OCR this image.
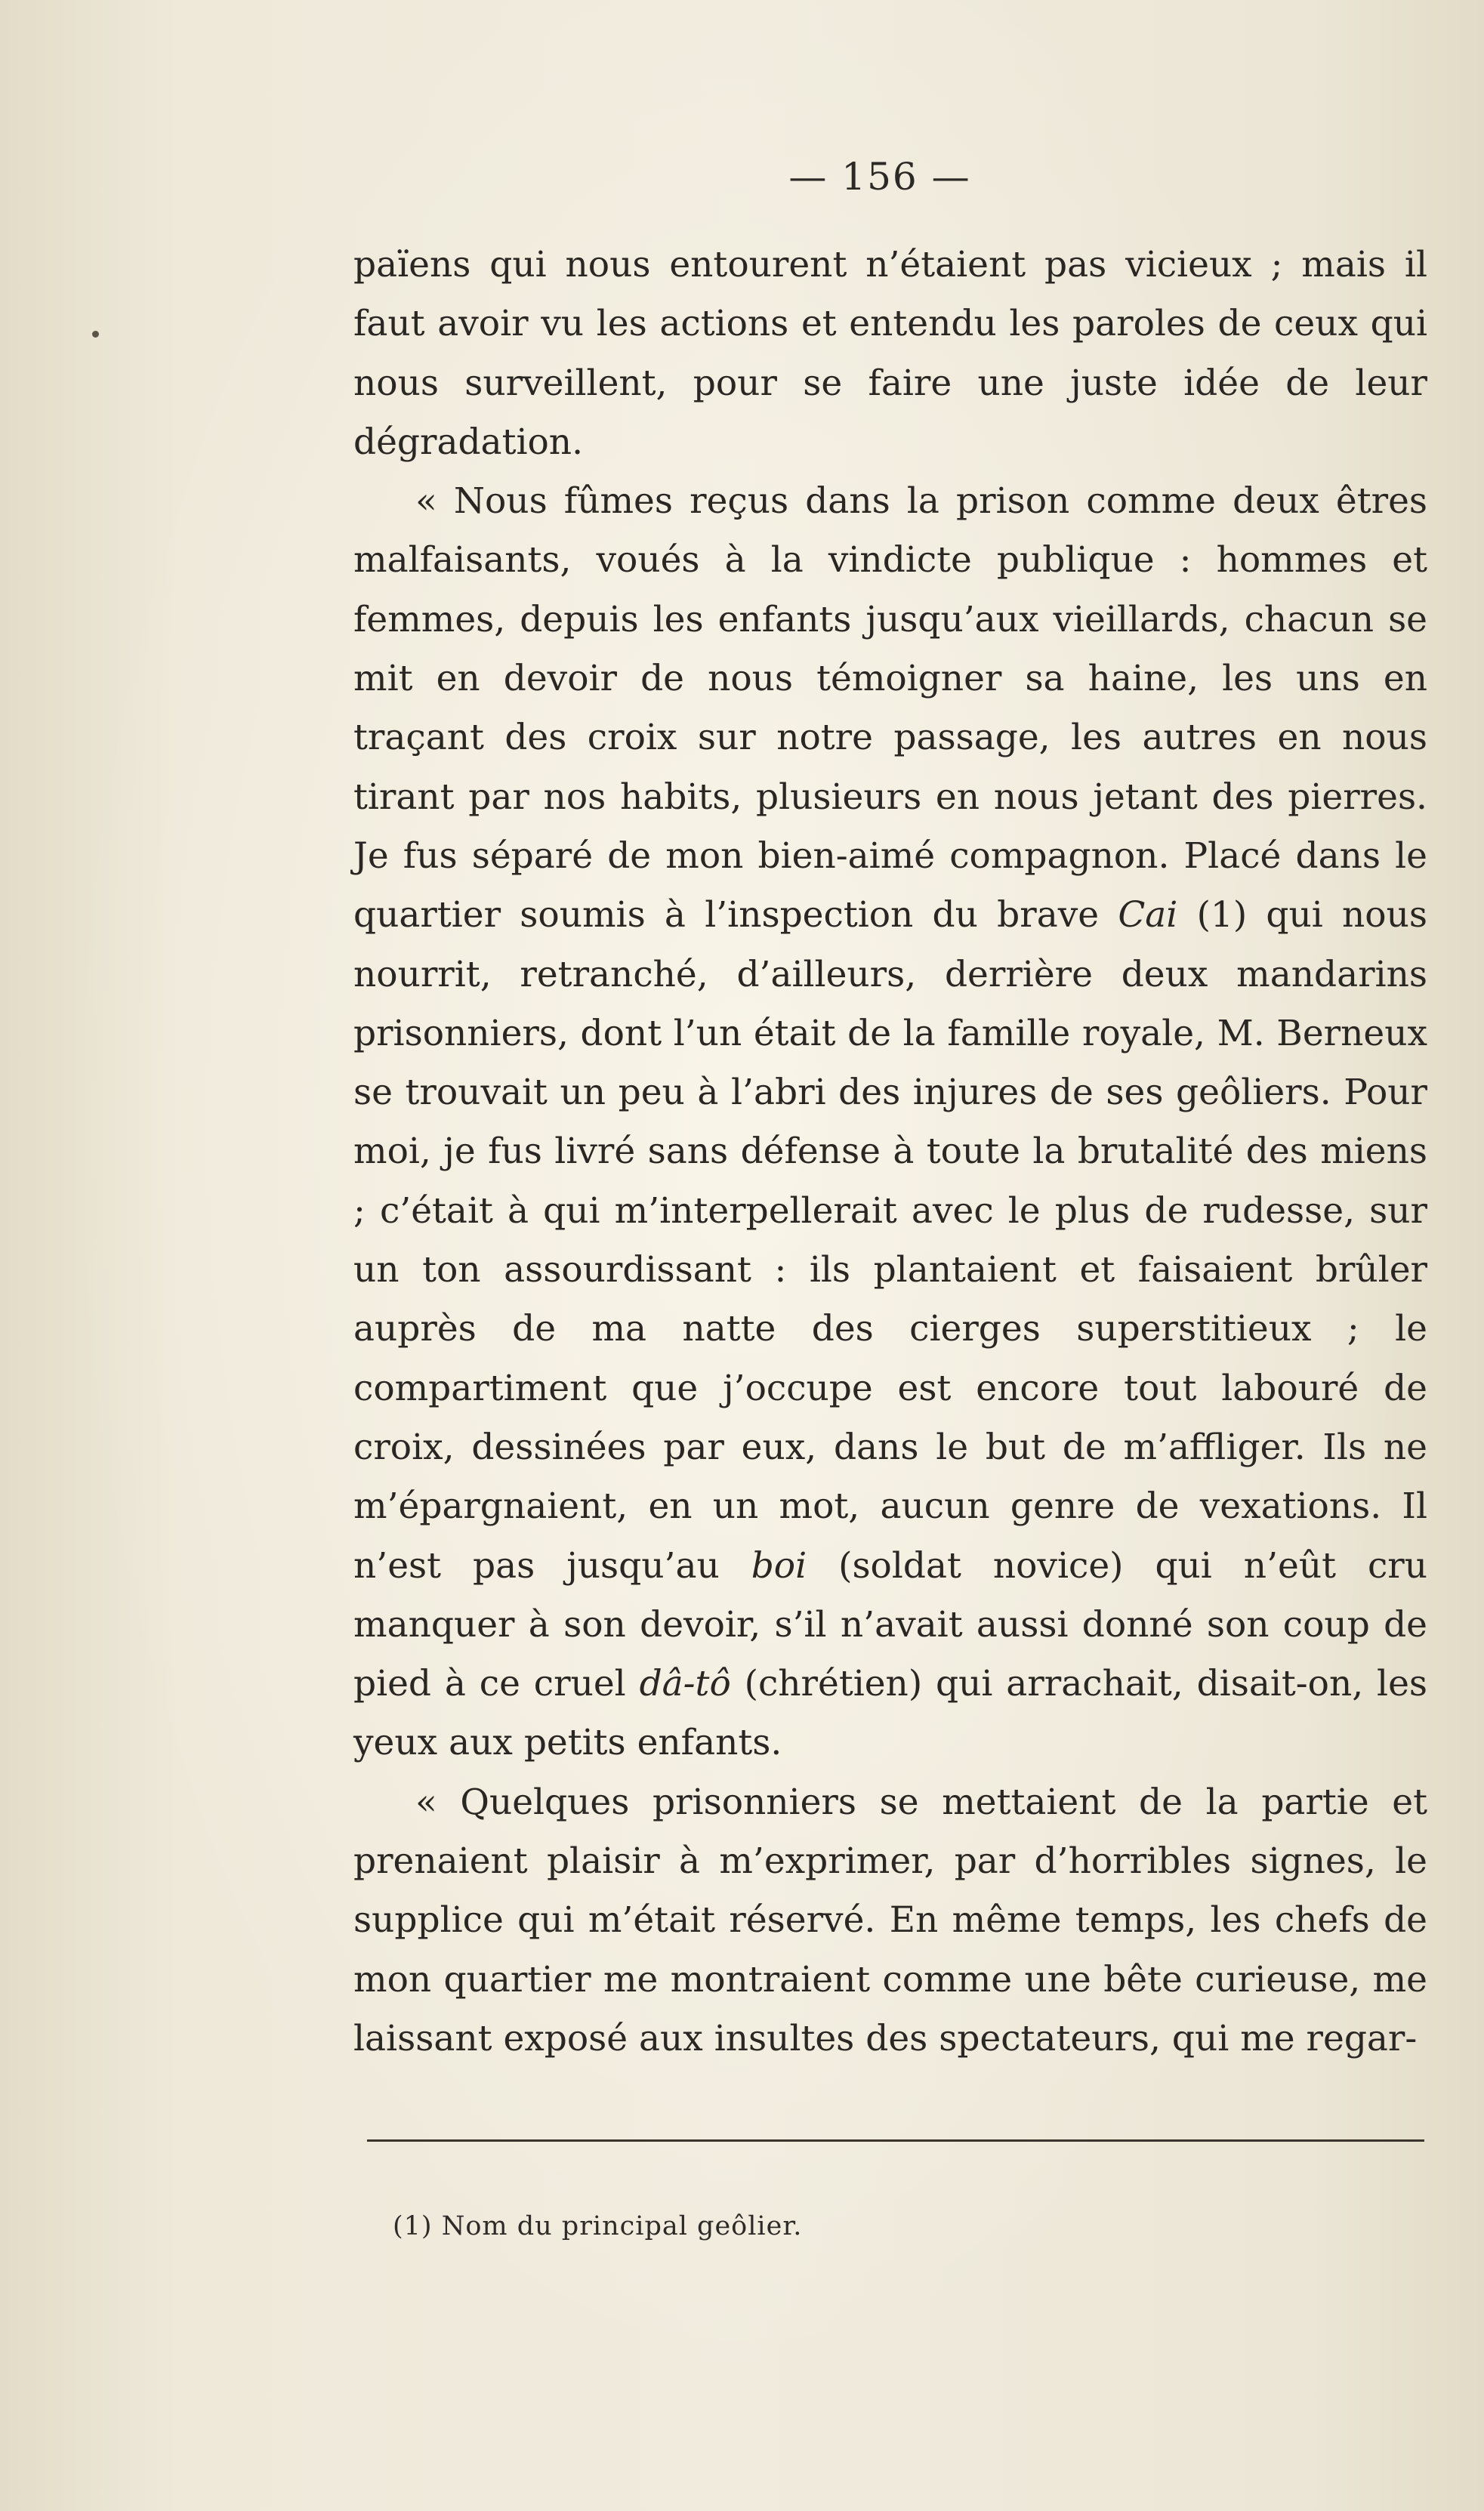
— 156 —

païens qui nous entourent n’étaient pas vicieux ; mais il faut avoir vu les actions et entendu les paroles de ceux qui nous surveillent, pour se faire une juste idée de leur dégradation.

« Nous fûmes reçus dans la prison comme deux êtres malfaisants, voués à la vindicte publique : hommes et femmes, depuis les enfants jusqu’aux vieillards, chacun se mit en devoir de nous témoigner sa haine, les uns en traçant des croix sur notre passage, les autres en nous tirant par nos habits, plusieurs en nous jetant des pierres. Je fus séparé de mon bien-aimé compagnon. Placé dans le quartier soumis à l’inspection du brave Cai (1) qui nous nourrit, retranché, d’ailleurs, derrière deux mandarins prisonniers, dont l’un était de la famille royale, M. Berneux se trouvait un peu à l’abri des injures de ses geôliers. Pour moi, je fus livré sans défense à toute la brutalité des miens ; c’était à qui m’interpellerait avec le plus de rudesse, sur un ton assourdissant : ils plantaient et faisaient brûler auprès de ma natte des cierges superstitieux ; le compartiment que j’occupe est encore tout labouré de croix, dessinées par eux, dans le but de m’affliger. Ils ne m’épargnaient, en un mot, aucun genre de vexations. Il n’est pas jusqu’au boi (soldat novice) qui n’eût cru manquer à son devoir, s’il n’avait aussi donné son coup de pied à ce cruel dâ-tô (chrétien) qui arrachait, disait-on, les yeux aux petits enfants.

« Quelques prisonniers se mettaient de la partie et prenaient plaisir à m’exprimer, par d’horribles signes, le supplice qui m’était réservé. En même temps, les chefs de mon quartier me montraient comme une bête curieuse, me laissant exposé aux insultes des spectateurs, qui me regar-

(1) Nom du principal geôlier.
